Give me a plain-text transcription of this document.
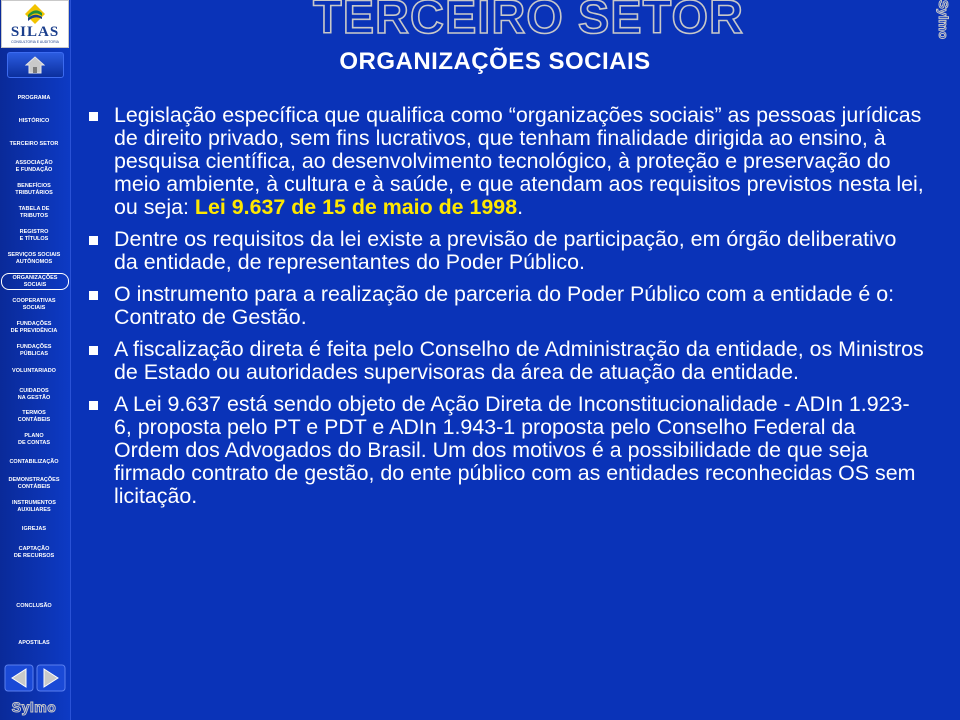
SILAS
CONSULTORIA E AUDITORIA
PROGRAMA
HISTÓRICO
TERCEIRO SETOR
ASSOCIAÇÃO
E FUNDAÇÃO
BENEFÍCIOS
TRIBUTÁRIOS
TABELA DE
TRIBUTOS
REGISTRO
E TÍTULOS
SERVIÇOS SOCIAIS
AUTÔNOMOS
ORGANIZAÇÕES
SOCIAIS
COOPERATIVAS
SOCIAIS
FUNDAÇÕES
DE PREVIDÊNCIA
FUNDAÇÕES
PÚBLICAS
VOLUNTARIADO
CUIDADOS
NA GESTÃO
TERMOS
CONTÁBEIS
PLANO
DE CONTAS
CONTABILIZAÇÃO
DEMONSTRAÇÕES
CONTÁBEIS
INSTRUMENTOS
AUXILIARES
IGREJAS
CAPTAÇÃO
DE RECURSOS
CONCLUSÃO
APOSTILAS
Sylmo
TERCEIRO SETOR	Sylmo
ORGANIZAÇÕES SOCIAIS
Legislação específica que qualifica como “organizações sociais” as pessoas jurídicas de direito privado, sem fins lucrativos, que tenham finalidade dirigida ao ensino, à pesquisa científica, ao desenvolvimento tecnológico, à proteção e preservação do meio ambiente, à cultura e à saúde, e que atendam aos requisitos previstos nesta lei, ou seja: Lei 9.637 de 15 de maio de 1998.
Dentre os requisitos da lei existe a previsão de participação, em órgão deliberativo da entidade, de representantes do Poder Público.
O instrumento para a realização de parceria do Poder Público com a entidade é o: Contrato de Gestão.
A fiscalização direta é feita pelo Conselho de Administração da entidade, os Ministros de Estado ou autoridades supervisoras da área de atuação da entidade.
A Lei 9.637 está sendo objeto de Ação Direta de Inconstitucionalidade - ADIn 1.923-6, proposta pelo PT e PDT e ADIn 1.943-1 proposta pelo Conselho Federal da Ordem dos Advogados do Brasil. Um dos motivos é a possibilidade de que seja firmado contrato de gestão, do ente público com as entidades reconhecidas OS sem licitação.
